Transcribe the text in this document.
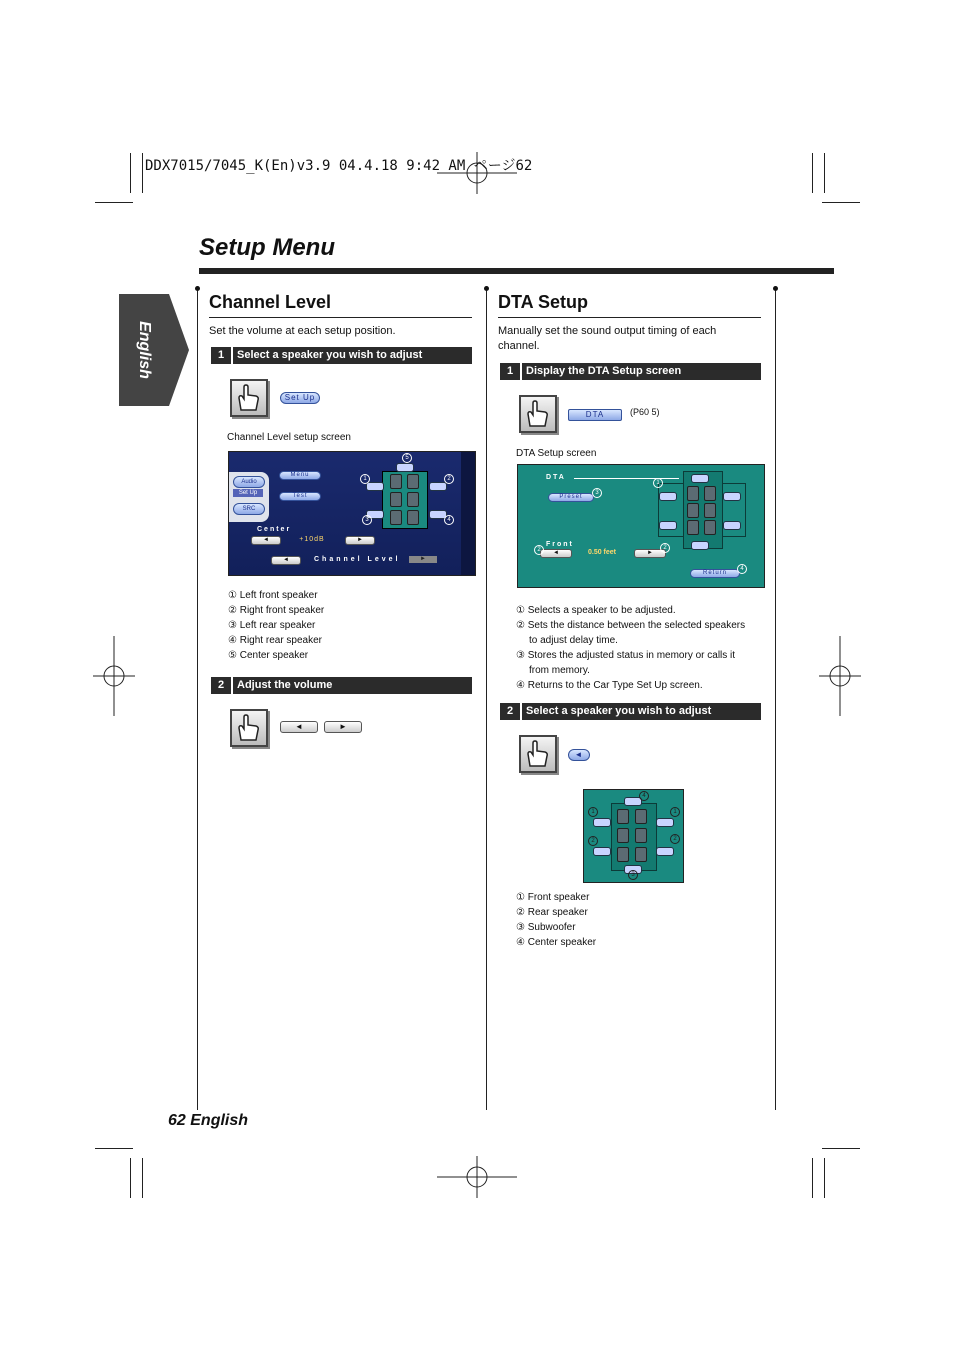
DDX7015/7045_K(En)v3.9 04.4.18 9:42 AM ページ62
Setup Menu
English
Channel Level
Set the volume at each setup position.
1	Select a speaker you wish to adjust
Set Up
Channel Level setup screen
Audio
Set Up
SRC
Menu
Test
Center
◄	+10dB	►
◄	Channel Level	►
5
1	2
3	4
① Left front speaker
② Right front speaker
③ Left rear speaker
④ Right rear speaker
⑤ Center speaker
2	Adjust the volume
◄	►
DTA Setup
Manually set the sound output timing of each channel.
1	Display the DTA Setup screen
DTA	(P60 5)
DTA Setup screen
DTA
Preset
3
Front
◄	0.50 feet	►
2	2
Return
4
1
① Selects a speaker to be adjusted.
② Sets the distance between the selected speakers
to adjust delay time.
③ Stores the adjusted status in memory or calls it
from memory.
④ Returns to the Car Type Set Up screen.
2	Select a speaker you wish to adjust
◄
4
1	1
2	2
3
① Front speaker
② Rear speaker
③ Subwoofer
④ Center speaker
62 English
